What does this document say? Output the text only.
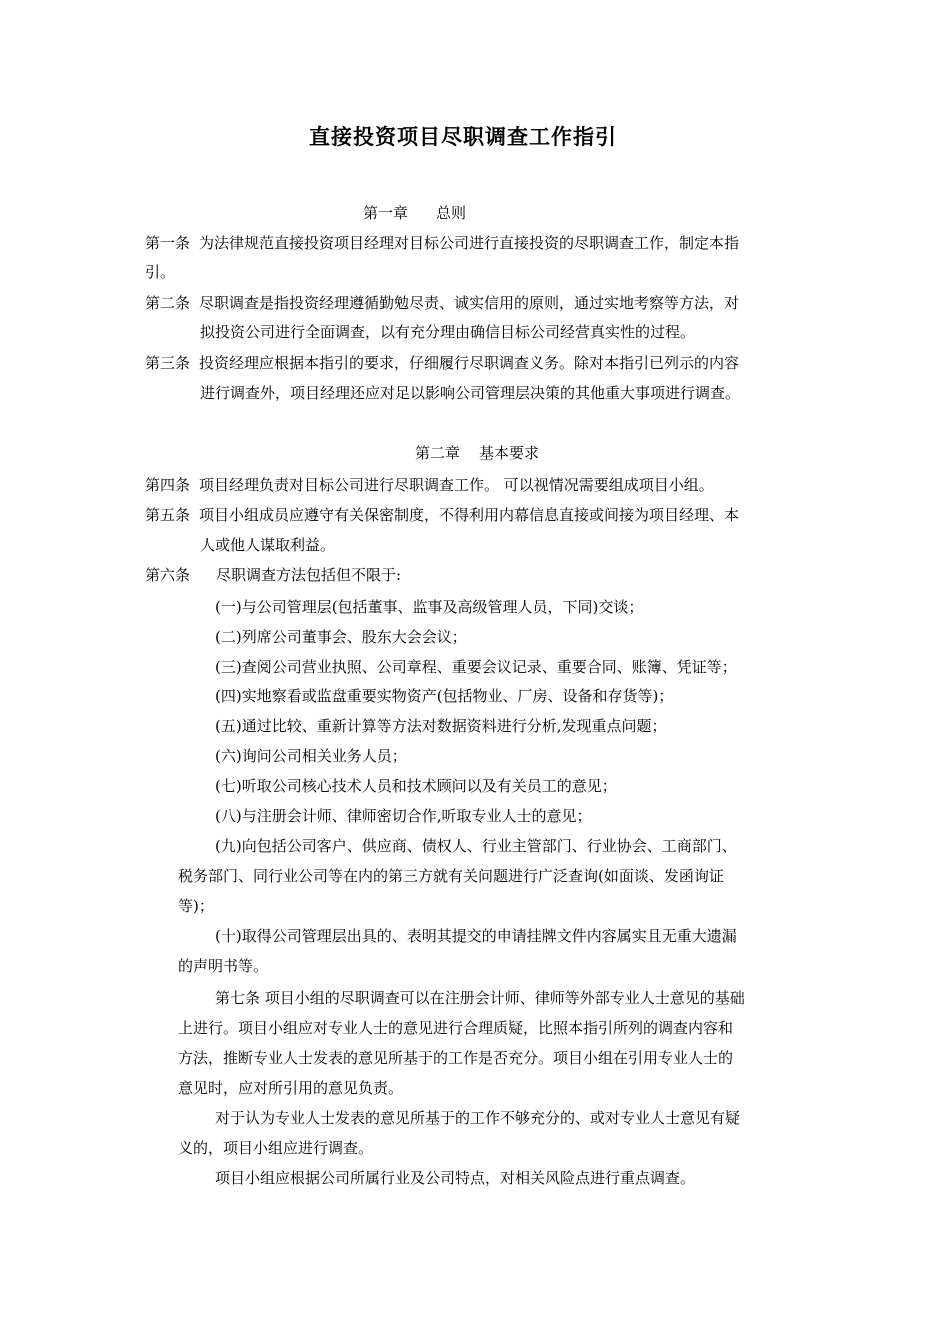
直接投资项目尽职调查工作指引
第一章 总则
第一条 为法律规范直接投资项目经理对目标公司进行直接投资的尽职调查工作，制定本指
引。
第二条 尽职调查是指投资经理遵循勤勉尽责、诚实信用的原则，通过实地考察等方法，对
拟投资公司进行全面调查，以有充分理由确信目标公司经营真实性的过程。
第三条 投资经理应根据本指引的要求，仔细履行尽职调查义务。除对本指引已列示的内容
进行调查外，项目经理还应对足以影响公司管理层决策的其他重大事项进行调查。
第二章 基本要求
第四条 项目经理负责对目标公司进行尽职调查工作。 可以视情况需要组成项目小组。
第五条 项目小组成员应遵守有关保密制度，不得利用内幕信息直接或间接为项目经理、本
人或他人谋取利益。
第六条 尽职调查方法包括但不限于:
(一)与公司管理层(包括董事、监事及高级管理人员，下同)交谈；
(二)列席公司董事会、股东大会会议；
(三)查阅公司营业执照、公司章程、重要会议记录、重要合同、账簿、凭证等；
(四)实地察看或监盘重要实物资产(包括物业、厂房、设备和存货等)；
(五)通过比较、重新计算等方法对数据资料进行分析,发现重点问题；
(六)询问公司相关业务人员；
(七)听取公司核心技术人员和技术顾问以及有关员工的意见；
(八)与注册会计师、律师密切合作,听取专业人士的意见；
(九)向包括公司客户、供应商、债权人、行业主管部门、行业协会、工商部门、
税务部门、同行业公司等在内的第三方就有关问题进行广泛查询(如面谈、发函询证
等)；
(十)取得公司管理层出具的、表明其提交的申请挂牌文件内容属实且无重大遗漏
的声明书等。
第七条 项目小组的尽职调查可以在注册会计师、律师等外部专业人士意见的基础
上进行。项目小组应对专业人士的意见进行合理质疑，比照本指引所列的调查内容和
方法，推断专业人士发表的意见所基于的工作是否充分。项目小组在引用专业人士的
意见时，应对所引用的意见负责。
对于认为专业人士发表的意见所基于的工作不够充分的、或对专业人士意见有疑
义的，项目小组应进行调查。
项目小组应根据公司所属行业及公司特点，对相关风险点进行重点调查。
